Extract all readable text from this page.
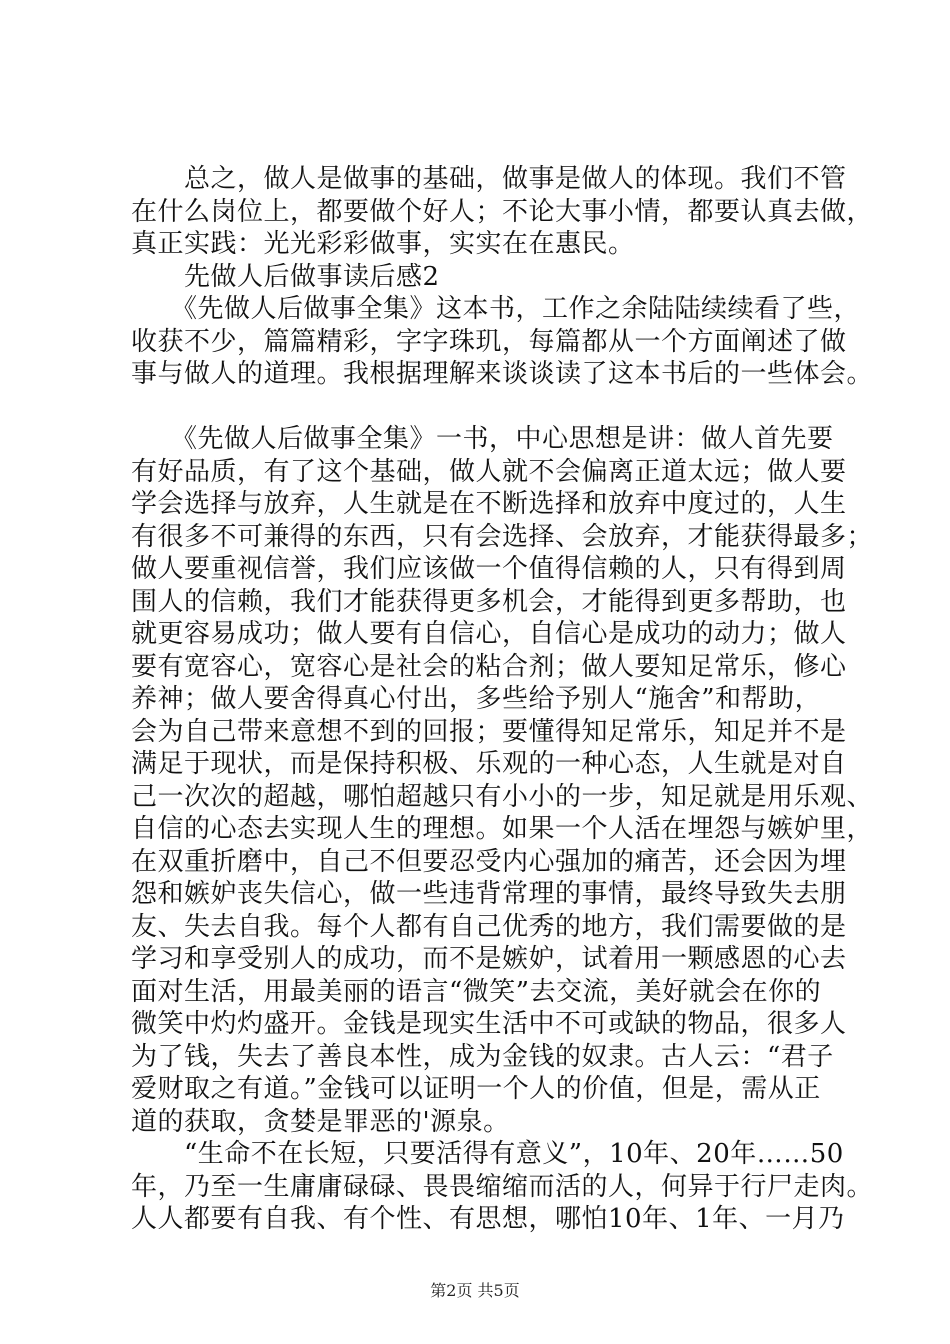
　　总之，做人是做事的基础，做事是做人的体现。我们不管
在什么岗位上，都要做个好人；不论大事小情，都要认真去做，
真正实践：光光彩彩做事，实实在在惠民。
　　先做人后做事读后感2
　　《先做人后做事全集》这本书，工作之余陆陆续续看了些，
收获不少，篇篇精彩，字字珠玑，每篇都从一个方面阐述了做
事与做人的道理。我根据理解来谈谈读了这本书后的一些体会。
　　《先做人后做事全集》一书，中心思想是讲：做人首先要
有好品质，有了这个基础，做人就不会偏离正道太远；做人要
学会选择与放弃，人生就是在不断选择和放弃中度过的，人生
有很多不可兼得的东西，只有会选择、会放弃，才能获得最多；
做人要重视信誉，我们应该做一个值得信赖的人，只有得到周
围人的信赖，我们才能获得更多机会，才能得到更多帮助，也
就更容易成功；做人要有自信心，自信心是成功的动力；做人
要有宽容心，宽容心是社会的粘合剂；做人要知足常乐，修心
养神；做人要舍得真心付出，多些给予别人“施舍”和帮助，
会为自己带来意想不到的回报；要懂得知足常乐，知足并不是
满足于现状，而是保持积极、乐观的一种心态，人生就是对自
己一次次的超越，哪怕超越只有小小的一步，知足就是用乐观、
自信的心态去实现人生的理想。如果一个人活在埋怨与嫉妒里，
在双重折磨中，自己不但要忍受内心强加的痛苦，还会因为埋
怨和嫉妒丧失信心，做一些违背常理的事情，最终导致失去朋
友、失去自我。每个人都有自己优秀的地方，我们需要做的是
学习和享受别人的成功，而不是嫉妒，试着用一颗感恩的心去
面对生活，用最美丽的语言“微笑”去交流，美好就会在你的
微笑中灼灼盛开。金钱是现实生活中不可或缺的物品，很多人
为了钱，失去了善良本性，成为金钱的奴隶。古人云：“君子
爱财取之有道。”金钱可以证明一个人的价值，但是，需从正
道的获取，贪婪是罪恶的'源泉。
　　“生命不在长短，只要活得有意义”，10年、20年……50
年，乃至一生庸庸碌碌、畏畏缩缩而活的人，何异于行尸走肉。
人人都要有自我、有个性、有思想，哪怕10年、1年、一月乃
第2页 共5页
